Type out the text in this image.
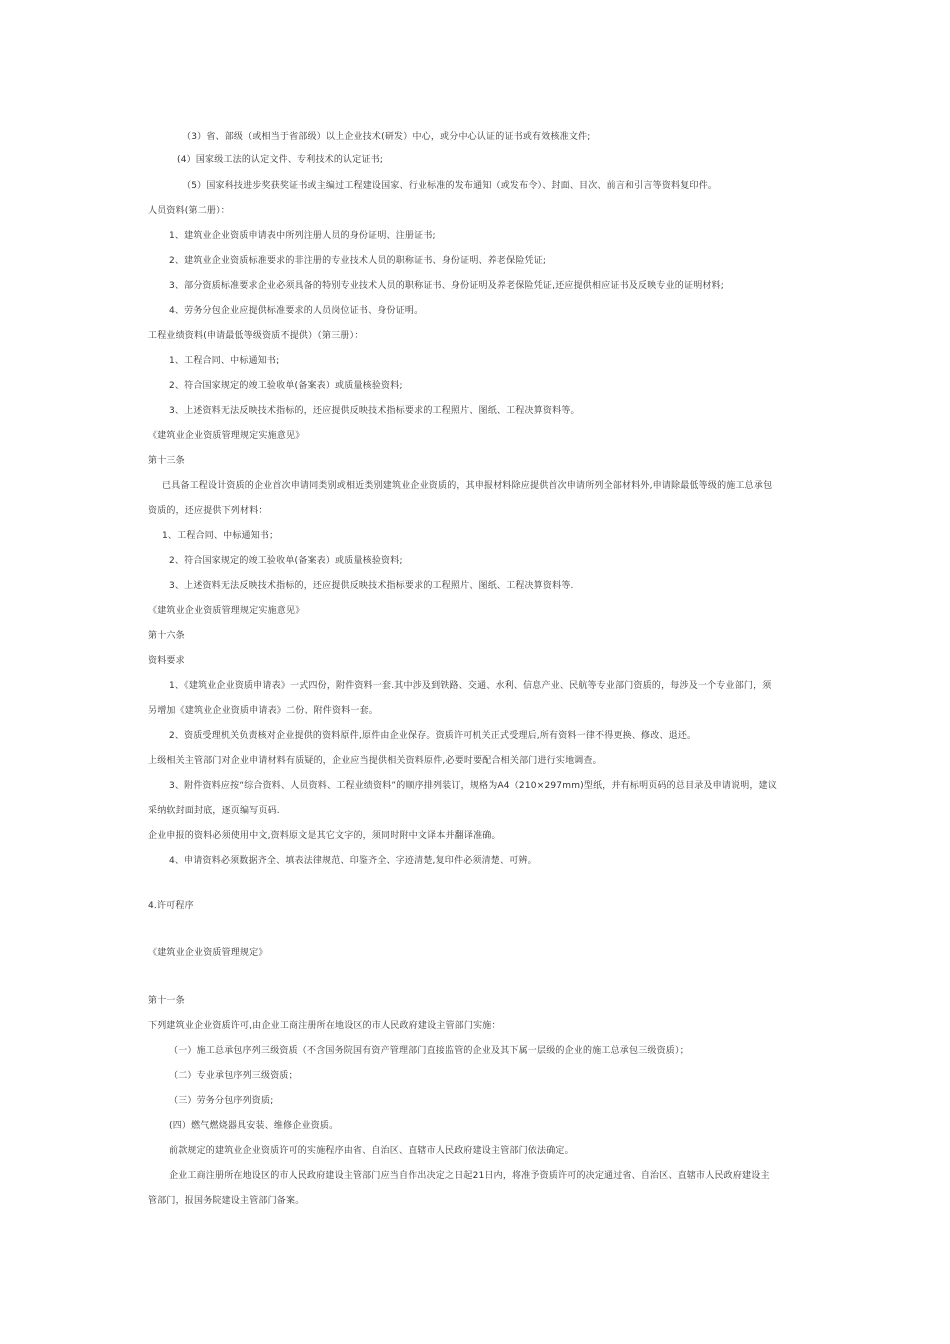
（3）省、部级（或相当于省部级）以上企业技术(研发）中心，或分中心认证的证书或有效核准文件;
(4）国家级工法的认定文件、专利技术的认定证书;
（5）国家科技进步奖获奖证书或主编过工程建设国家、行业标准的发布通知（或发布令）、封面、目次、前言和引言等资料复印件。
人员资料(第二册）：
1、建筑业企业资质申请表中所列注册人员的身份证明、注册证书;
2、建筑业企业资质标准要求的非注册的专业技术人员的职称证书、身份证明、养老保险凭证;
3、部分资质标准要求企业必须具备的特别专业技术人员的职称证书、身份证明及养老保险凭证,还应提供相应证书及反映专业的证明材料;
4、劳务分包企业应提供标准要求的人员岗位证书、身份证明。
工程业绩资料(申请最低等级资质不提供）（第三册）：
1、工程合同、中标通知书;
2、符合国家规定的竣工验收单(备案表）或质量核验资料;
3、上述资料无法反映技术指标的，还应提供反映技术指标要求的工程照片、图纸、工程决算资料等。
《建筑业企业资质管理规定实施意见》
第十三条
已具备工程设计资质的企业首次申请同类别或相近类别建筑业企业资质的，其申报材料除应提供首次申请所列全部材料外,申请除最低等级的施工总承包
资质的，还应提供下列材料：
1、工程合同、中标通知书；
2、符合国家规定的竣工验收单(备案表）或质量核验资料;
3、上述资料无法反映技术指标的，还应提供反映技术指标要求的工程照片、图纸、工程决算资料等.
《建筑业企业资质管理规定实施意见》
第十六条
资料要求
1、《建筑业企业资质申请表》一式四份，附件资料一套.其中涉及到铁路、交通、水利、信息产业、民航等专业部门资质的，每涉及一个专业部门，须
另增加《建筑业企业资质申请表》二份、附件资料一套。
2、资质受理机关负责核对企业提供的资料原件,原件由企业保存。资质许可机关正式受理后,所有资料一律不得更换、修改、退还。
上级相关主管部门对企业申请材料有质疑的，企业应当提供相关资料原件,必要时要配合相关部门进行实地调查。
3、附件资料应按“综合资料、人员资料、工程业绩资料”的顺序排列装订，规格为A4（210×297mm)型纸，并有标明页码的总目录及申请说明，建议
采纳软封面封底，逐页编写页码.
企业申报的资料必须使用中文,资料原文是其它文字的，须同时附中文译本并翻译准确。
4、申请资料必须数据齐全、填表法律规范、印鉴齐全、字迹清楚,复印件必须清楚、可辨。
4.许可程序
《建筑业企业资质管理规定》
第十一条
下列建筑业企业资质许可,由企业工商注册所在地设区的市人民政府建设主管部门实施：
（一）施工总承包序列三级资质（不含国务院国有资产管理部门直接监管的企业及其下属一层级的企业的施工总承包三级资质）；
（二）专业承包序列三级资质；
（三）劳务分包序列资质;
(四）燃气燃烧器具安装、维修企业资质。
前款规定的建筑业企业资质许可的实施程序由省、自治区、直辖市人民政府建设主管部门依法确定。
企业工商注册所在地设区的市人民政府建设主管部门应当自作出决定之日起21日内，将准予资质许可的决定通过省、自治区、直辖市人民政府建设主
管部门，报国务院建设主管部门备案。
